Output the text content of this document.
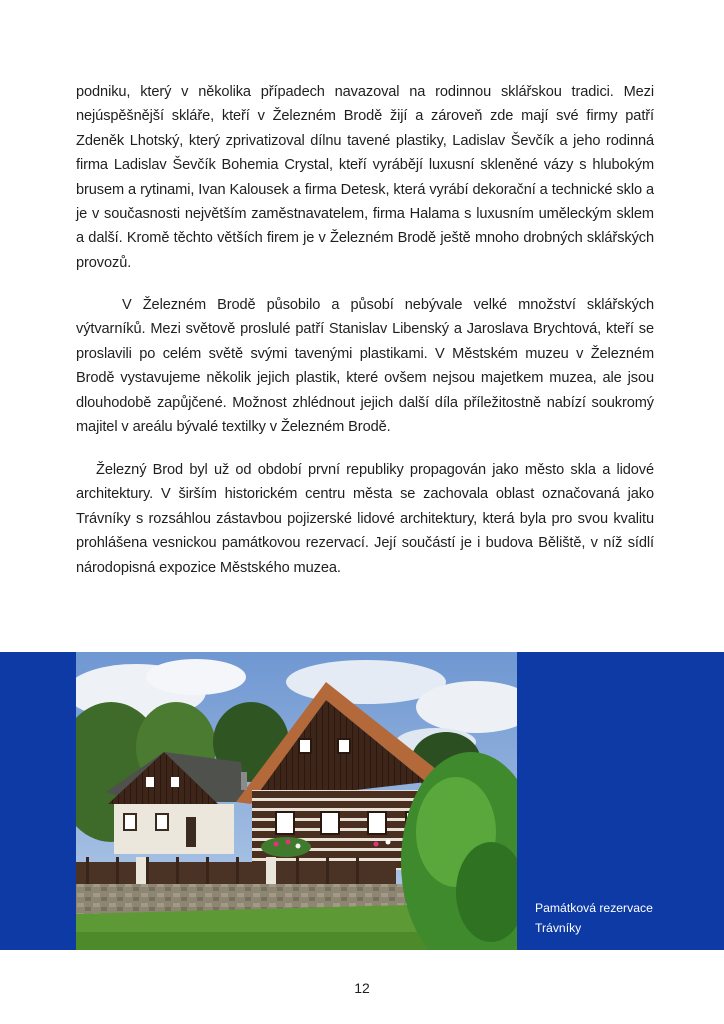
podniku, který v několika případech navazoval na rodinnou sklářskou tradici. Mezi nejúspěšnější skláře, kteří v Železném Brodě žijí a zároveň zde mají své firmy patří Zdeněk Lhotský, který zprivatizoval dílnu tavené plastiky, Ladislav Ševčík a jeho rodinná firma Ladislav Ševčík Bohemia Crystal, kteří vyrábějí luxusní skleněné vázy s hlubokým brusem a rytinami, Ivan Kalousek a firma Detesk, která vyrábí dekorační a technické sklo a je v současnosti největším zaměstnavatelem, firma Halama s luxusním uměleckým sklem a další. Kromě těchto větších firem je v Železném Brodě ještě mnoho drobných sklářských provozů.
V Železném Brodě působilo a působí nebývale velké množství sklářských výtvarníků. Mezi světově proslulé patří Stanislav Libenský a Jaroslava Brychtová, kteří se proslavili po celém světě svými tavenými plastikami. V Městském muzeu v Železném Brodě vystavujeme několik jejich plastik, které ovšem nejsou majetkem muzea, ale jsou dlouhodobě zapůjčené. Možnost zhlédnout jejich další díla příležitostně nabízí soukromý majitel v areálu bývalé textilky v Železném Brodě.
Železný Brod byl už od období první republiky propagován jako město skla a lidové architektury. V širším historickém centru města se zachovala oblast označovaná jako Trávníky s rozsáhlou zástavbou pojizerské lidové architektury, která byla pro svou kvalitu prohlášena vesnickou památkovou rezervací. Její součástí je i budova Běliště, v níž sídlí národopisná expozice Městského muzea.
Památková rezervace
Trávníky
12
